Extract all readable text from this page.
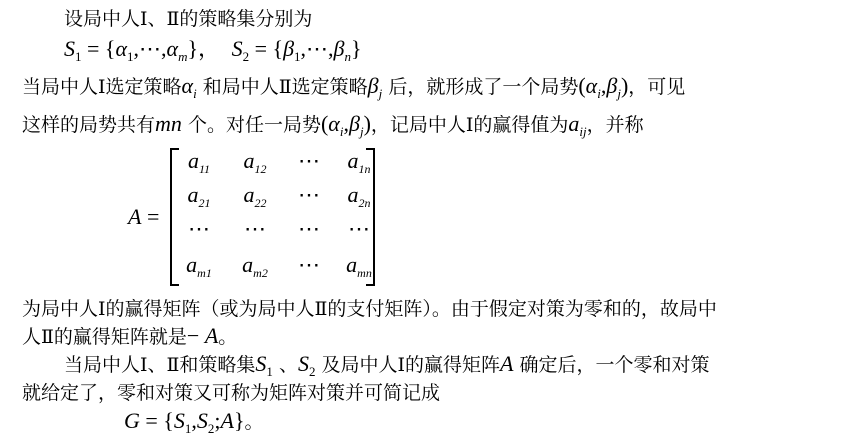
设局中人Ⅰ、Ⅱ的策略集分别为
$S_1$ = $\{\alpha_1,\cdots,\alpha_m\}$，  $S_2$ = $\{\beta_1,\cdots,\beta_n\}$
当局中人Ⅰ选定策略$\alpha_i$ 和局中人Ⅱ选定策略$\beta_j$ 后，就形成了一个局势$(\alpha_i,\beta_j)$，可见
这样的局势共有mn 个。对任一局势$(\alpha_i,\beta_j)$，记局中人Ⅰ的赢得值为$a_{ij}$，并称
A =
$a_{11}$	$a_{12}$	⋯	$a_{1n}$
$a_{21}$	$a_{22}$	⋯	$a_{2n}$
⋯	⋯	⋯	⋯
$a_{m1}$	$a_{m2}$	⋯	$a_{mn}$
为局中人Ⅰ的赢得矩阵（或为局中人Ⅱ的支付矩阵）。由于假定对策为零和的，故局中
人Ⅱ的赢得矩阵就是− A。
当局中人Ⅰ、Ⅱ和策略集$S_1$ 、$S_2$ 及局中人Ⅰ的赢得矩阵A 确定后，一个零和对策
就给定了，零和对策又可称为矩阵对策并可简记成
$G = \{S_1,S_2;A\}$。
